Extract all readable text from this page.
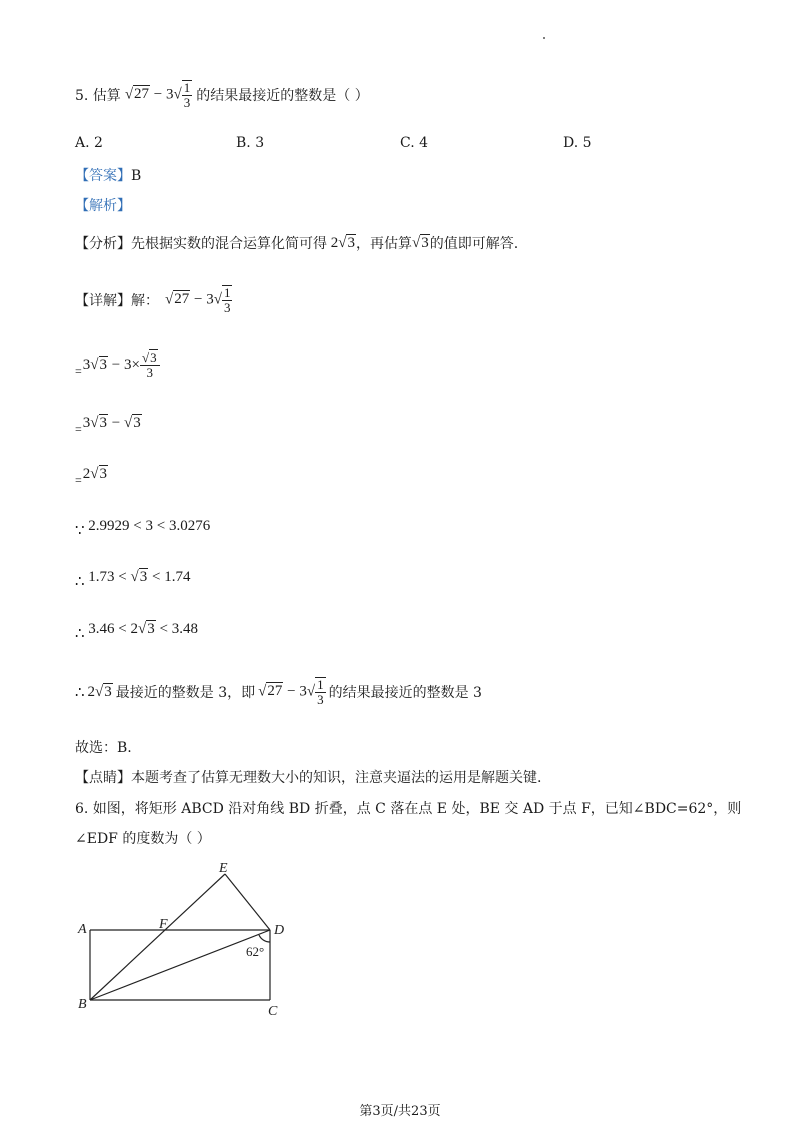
5. 估算 $√27 - 3√ \frac{1}{3}$ 的结果最接近的整数是（ ）
A. 2	B. 3	C. 4	D. 5
【答案】B
【解析】
【分析】 先根据实数的混合运算化简可得 2√3 ，再估算 √3 的值即可解答.
【详解】解： $√27 - 3√ \frac{1}{3}$
= $3√3 - 3\times \frac{√3}{3}$
$_=$3√3 − √3
$_=$2√3
∵ 2.9929 < 3 < 3.0276
∴ 1.73 < √3 < 1.74
∴ 3.46 < 2√3 < 3.48
∴ 2√3 最接近的整数是 3，即 $√27 - 3√ \frac{1}{3}$ 的结果最接近的整数是 3
故选：B.
【点睛】本题考查了估算无理数大小的知识，注意夹逼法的运用是解题关键.
6. 如图，将矩形 ABCD 沿对角线 BD 折叠，点 C 落在点 E 处，BE 交 AD 于点 F，已知∠BDC=62°，则
∠EDF 的度数为（ ）
A
B	C
D
E
F
62°
第3页/共23页
